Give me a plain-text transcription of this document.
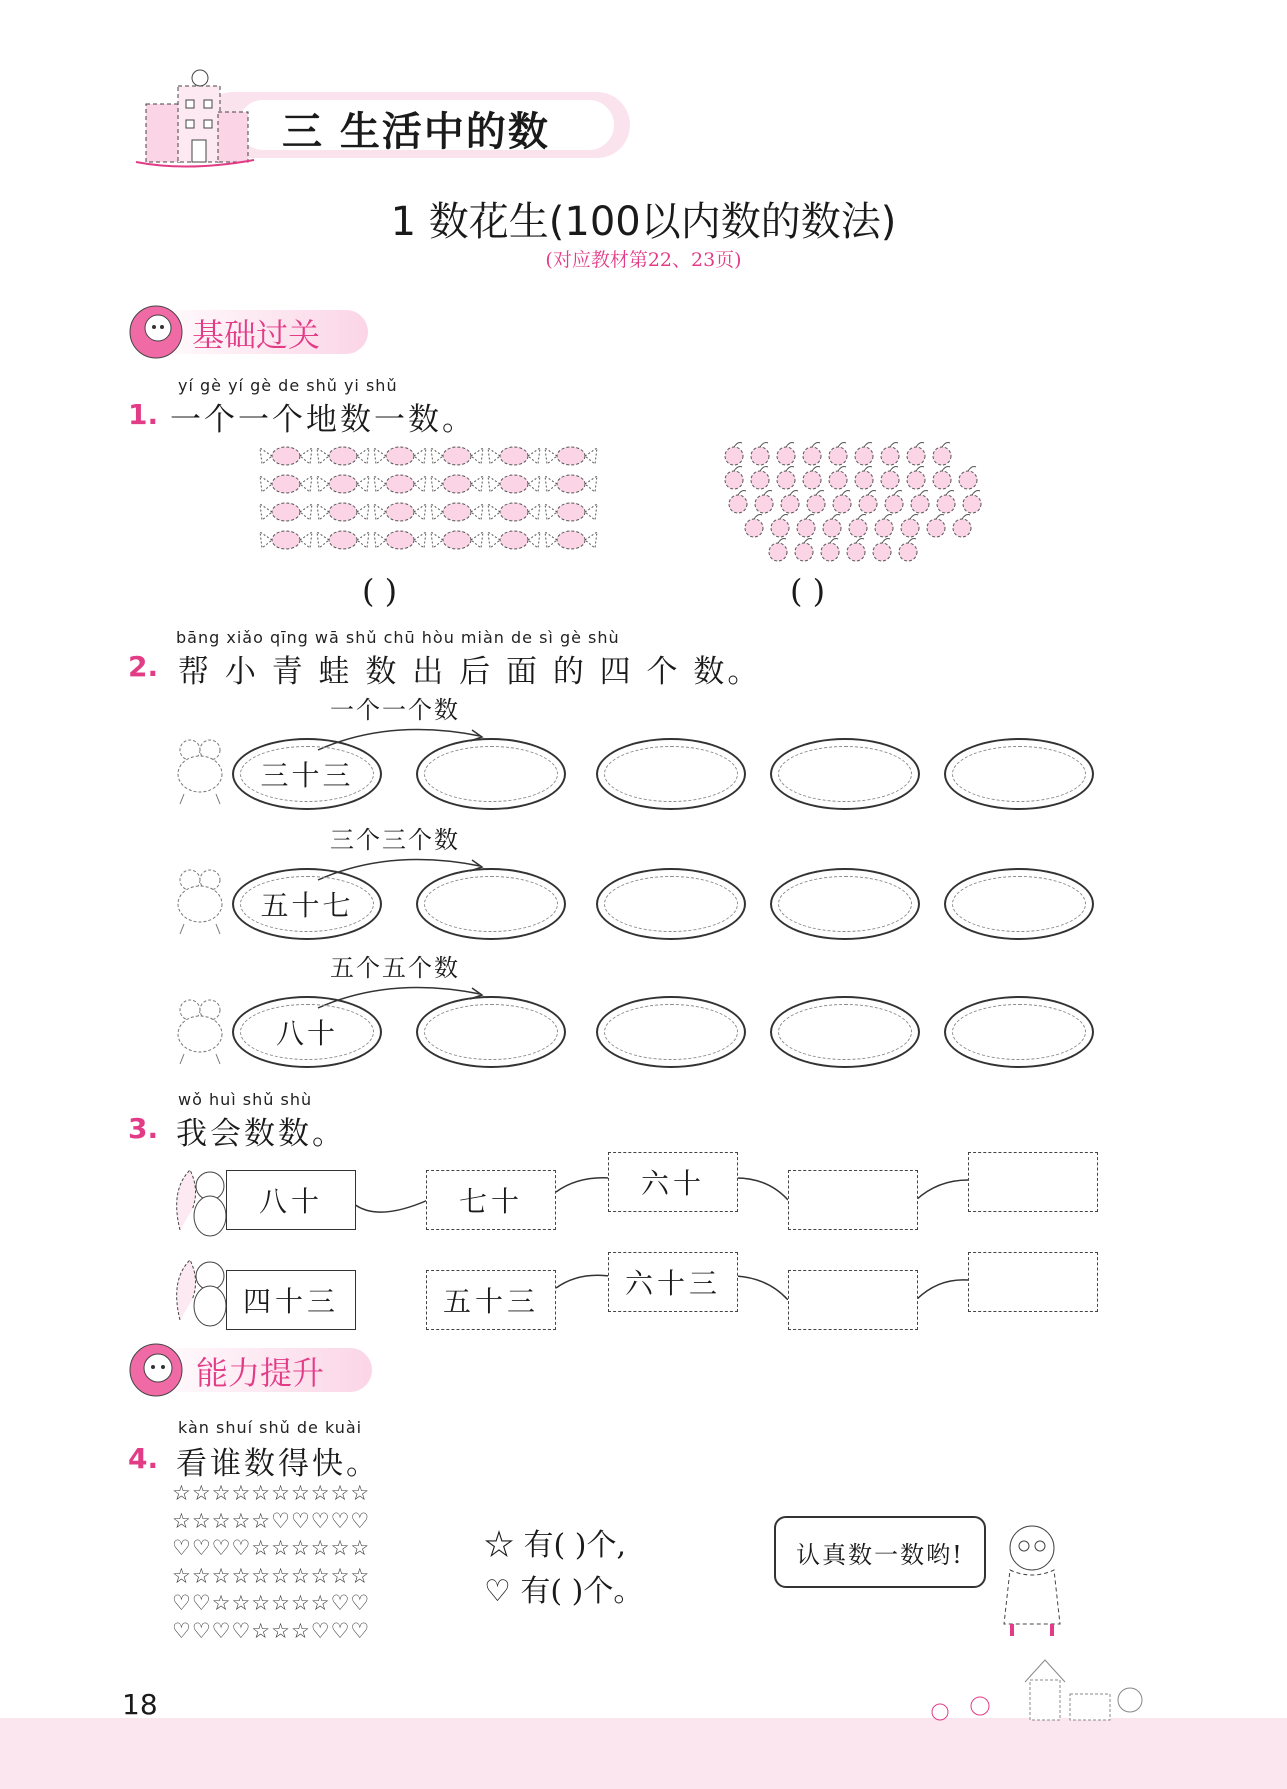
三 生活中的数
1 数花生(100以内数的数法)
(对应教材第22、23页)
基础过关
yí gè yí gè de shǔ yi shǔ
1. 一个一个地数一数。
( )	( )
bāng xiǎo qīng wā shǔ chū hòu miàn de sì gè shù
2. 帮 小 青 蛙 数 出 后 面 的 四 个 数。
一个一个数
三十三
三个三个数
五十七
五个五个数
八十
wǒ huì shǔ shù
3. 我会数数。
八十	七十
六十
四十三	五十三
六十三
能力提升
kàn shuí shǔ de kuài
4. 看谁数得快。
☆☆☆☆☆☆☆☆☆☆
☆☆☆☆☆♡♡♡♡♡
♡♡♡♡☆☆☆☆☆☆
☆☆☆☆☆☆☆☆☆☆
♡♡☆☆☆☆☆☆♡♡
♡♡♡♡☆☆☆♡♡♡
☆ 有( )个,
♡ 有( )个。
认真数一数哟!
18
